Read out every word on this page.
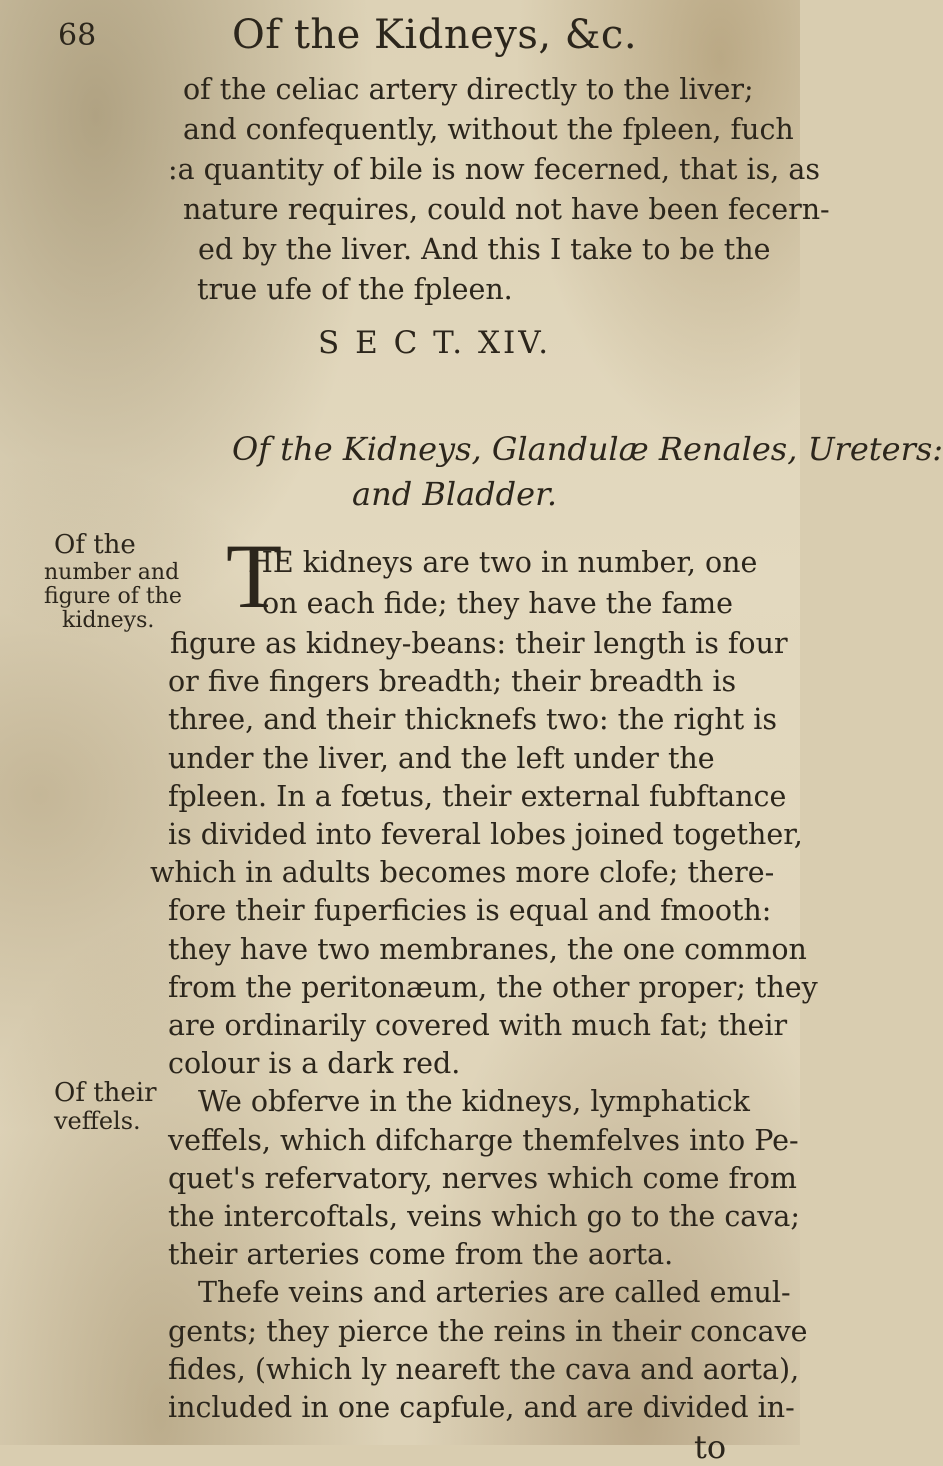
68	Of the Kidneys, &c.
of the celiac artery directly to the liver;
and confequently, without the fpleen, fuch
:a quantity of bile is now fecerned, that is, as
nature requires, could not have been fecern-
ed by the liver. And this I take to be the
true ufe of the fpleen.
S E C T. XIV.
Of the Kidneys, Glandulæ Renales, Ureters:
and Bladder.
Of the
number and
figure of the
kidneys. T
HE kidneys are two in number, one
on each fide; they have the fame
figure as kidney-beans: their length is four
or five fingers breadth; their breadth is
three, and their thicknefs two: the right is
under the liver, and the left under the
fpleen. In a fœtus, their external fubftance
is divided into feveral lobes joined together,
which in adults becomes more clofe; there-
fore their fuperficies is equal and fmooth:
they have two membranes, the one common
from the peritonæum, the other proper; they
are ordinarily covered with much fat; their
colour is a dark red.
We obferve in the kidneys, lymphatick
veffels, which difcharge themfelves into Pe-
quet's refervatory, nerves which come from
the intercoftals, veins which go to the cava;
their arteries come from the aorta.
Thefe veins and arteries are called emul-
gents; they pierce the reins in their concave
fides, (which ly neareft the cava and aorta),
included in one capfule, and are divided in-
Of their
veffels.
to
